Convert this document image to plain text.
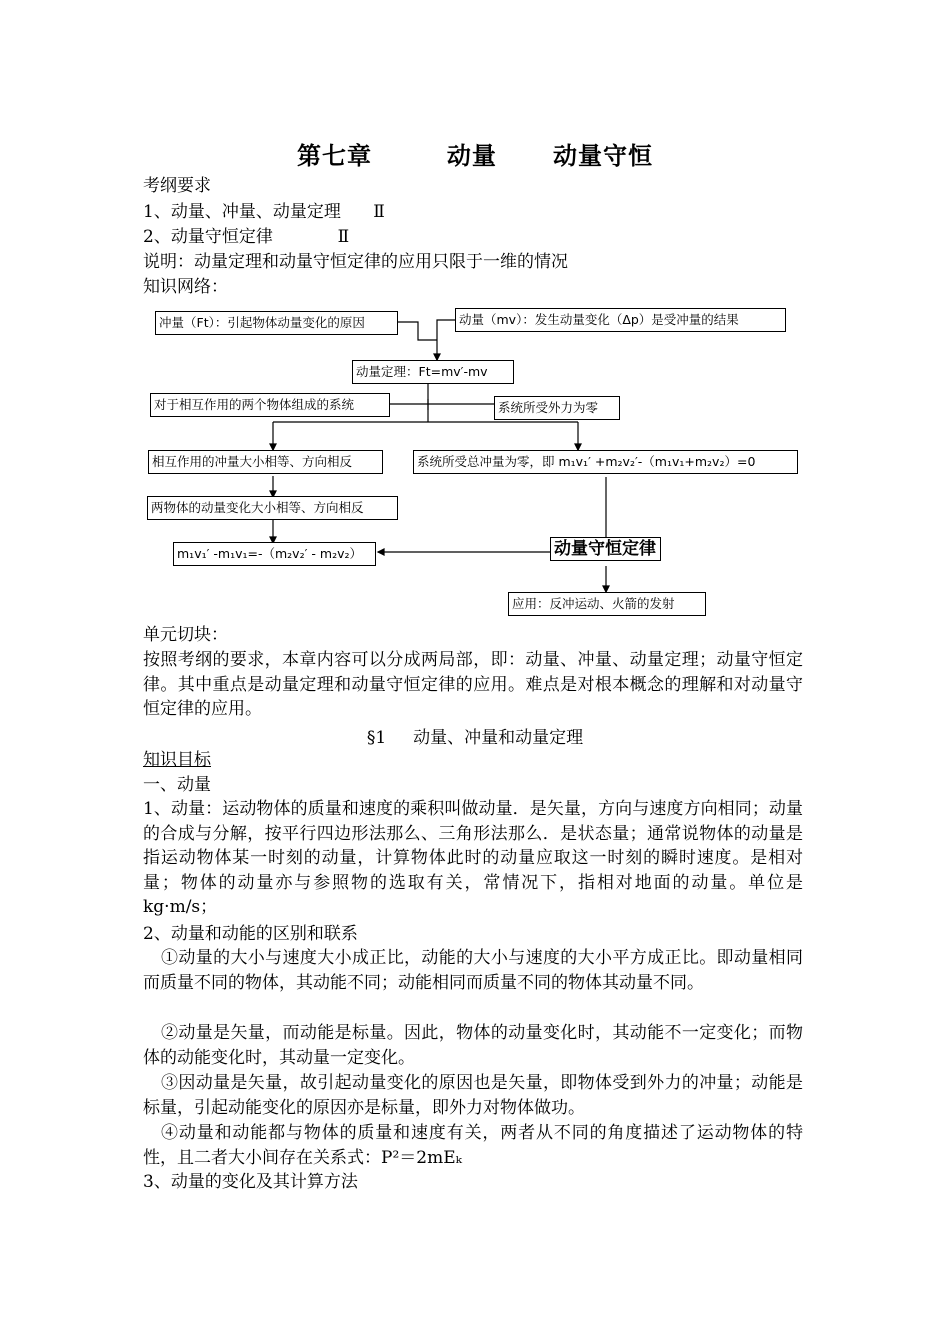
第七章        动量      动量守恒
考纲要求
1、动量、冲量、动量定理      Ⅱ
2、动量守恒定律            Ⅱ
说明：动量定理和动量守恒定律的应用只限于一维的情况
知识网络：
冲量（Ft）：引起物体动量变化的原因	动量（mv）：发生动量变化（Δp）是受冲量的结果
动量定理：Ft=mv′-mv
对于相互作用的两个物体组成的系统	系统所受外力为零
相互作用的冲量大小相等、方向相反	系统所受总冲量为零，即 m₁v₁′ +m₂v₂′-（m₁v₁+m₂v₂）=0
两物体的动量变化大小相等、方向相反
m₁v₁′ -m₁v₁=-（m₂v₂′ - m₂v₂）	动量守恒定律
应用：反冲运动、火箭的发射
单元切块：
按照考纲的要求，本章内容可以分成两局部，即：动量、冲量、动量定理；动量守恒定律。其中重点是动量定理和动量守恒定律的应用。难点是对根本概念的理解和对动量守恒定律的应用。
§1     动量、冲量和动量定理
知识目标
一、动量
1、动量：运动物体的质量和速度的乘积叫做动量．是矢量，方向与速度方向相同；动量的合成与分解，按平行四边形法那么、三角形法那么．是状态量；通常说物体的动量是指运动物体某一时刻的动量，计算物体此时的动量应取这一时刻的瞬时速度。是相对量；物体的动量亦与参照物的选取有关，常情况下，指相对地面的动量。单位是 kg·m/s；
2、动量和动能的区别和联系
①动量的大小与速度大小成正比，动能的大小与速度的大小平方成正比。即动量相同而质量不同的物体，其动能不同；动能相同而质量不同的物体其动量不同。
②动量是矢量，而动能是标量。因此，物体的动量变化时，其动能不一定变化；而物体的动能变化时，其动量一定变化。
③因动量是矢量，故引起动量变化的原因也是矢量，即物体受到外力的冲量；动能是标量，引起动能变化的原因亦是标量，即外力对物体做功。
④动量和动能都与物体的质量和速度有关，两者从不同的角度描述了运动物体的特性，且二者大小间存在关系式：P²＝2mEₖ
3、动量的变化及其计算方法
